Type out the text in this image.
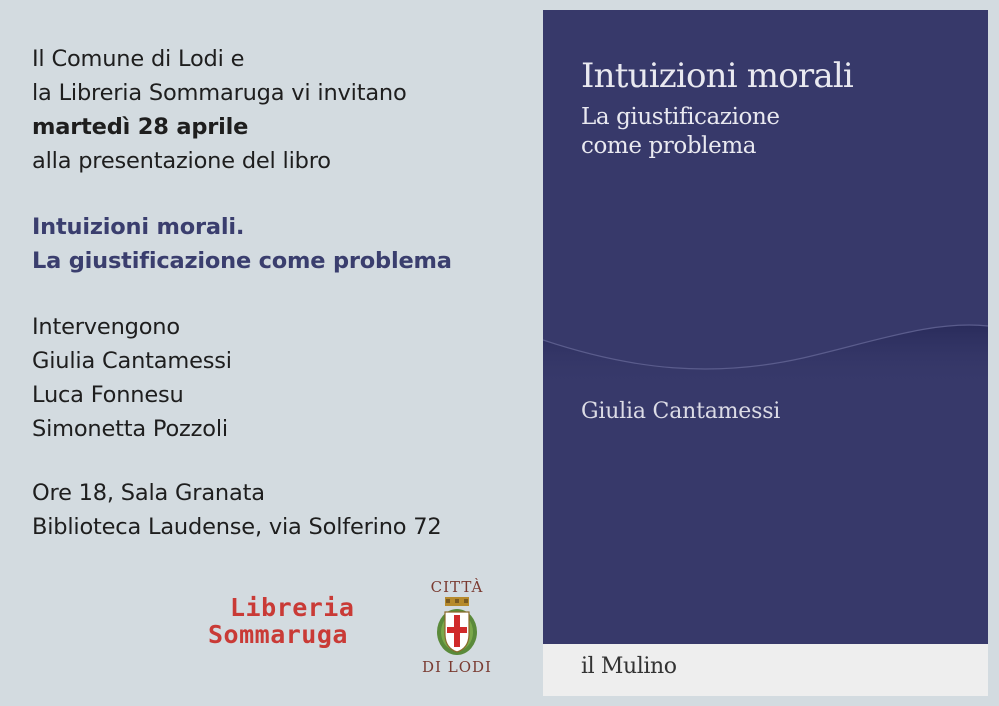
Il Comune di Lodi e
la Libreria Sommaruga vi invitano
martedì 28 aprile
alla presentazione del libro
Intuizioni morali.
La giustificazione come problema
Intervengono
Giulia Cantamessi
Luca Fonnesu
Simonetta Pozzoli
Ore 18, Sala Granata
Biblioteca Laudense, via Solferino 72
Libreria
Sommaruga
CITTÀ
DI LODI
Intuizioni morali
La giustificazione
come problema
Giulia Cantamessi
il Mulino
